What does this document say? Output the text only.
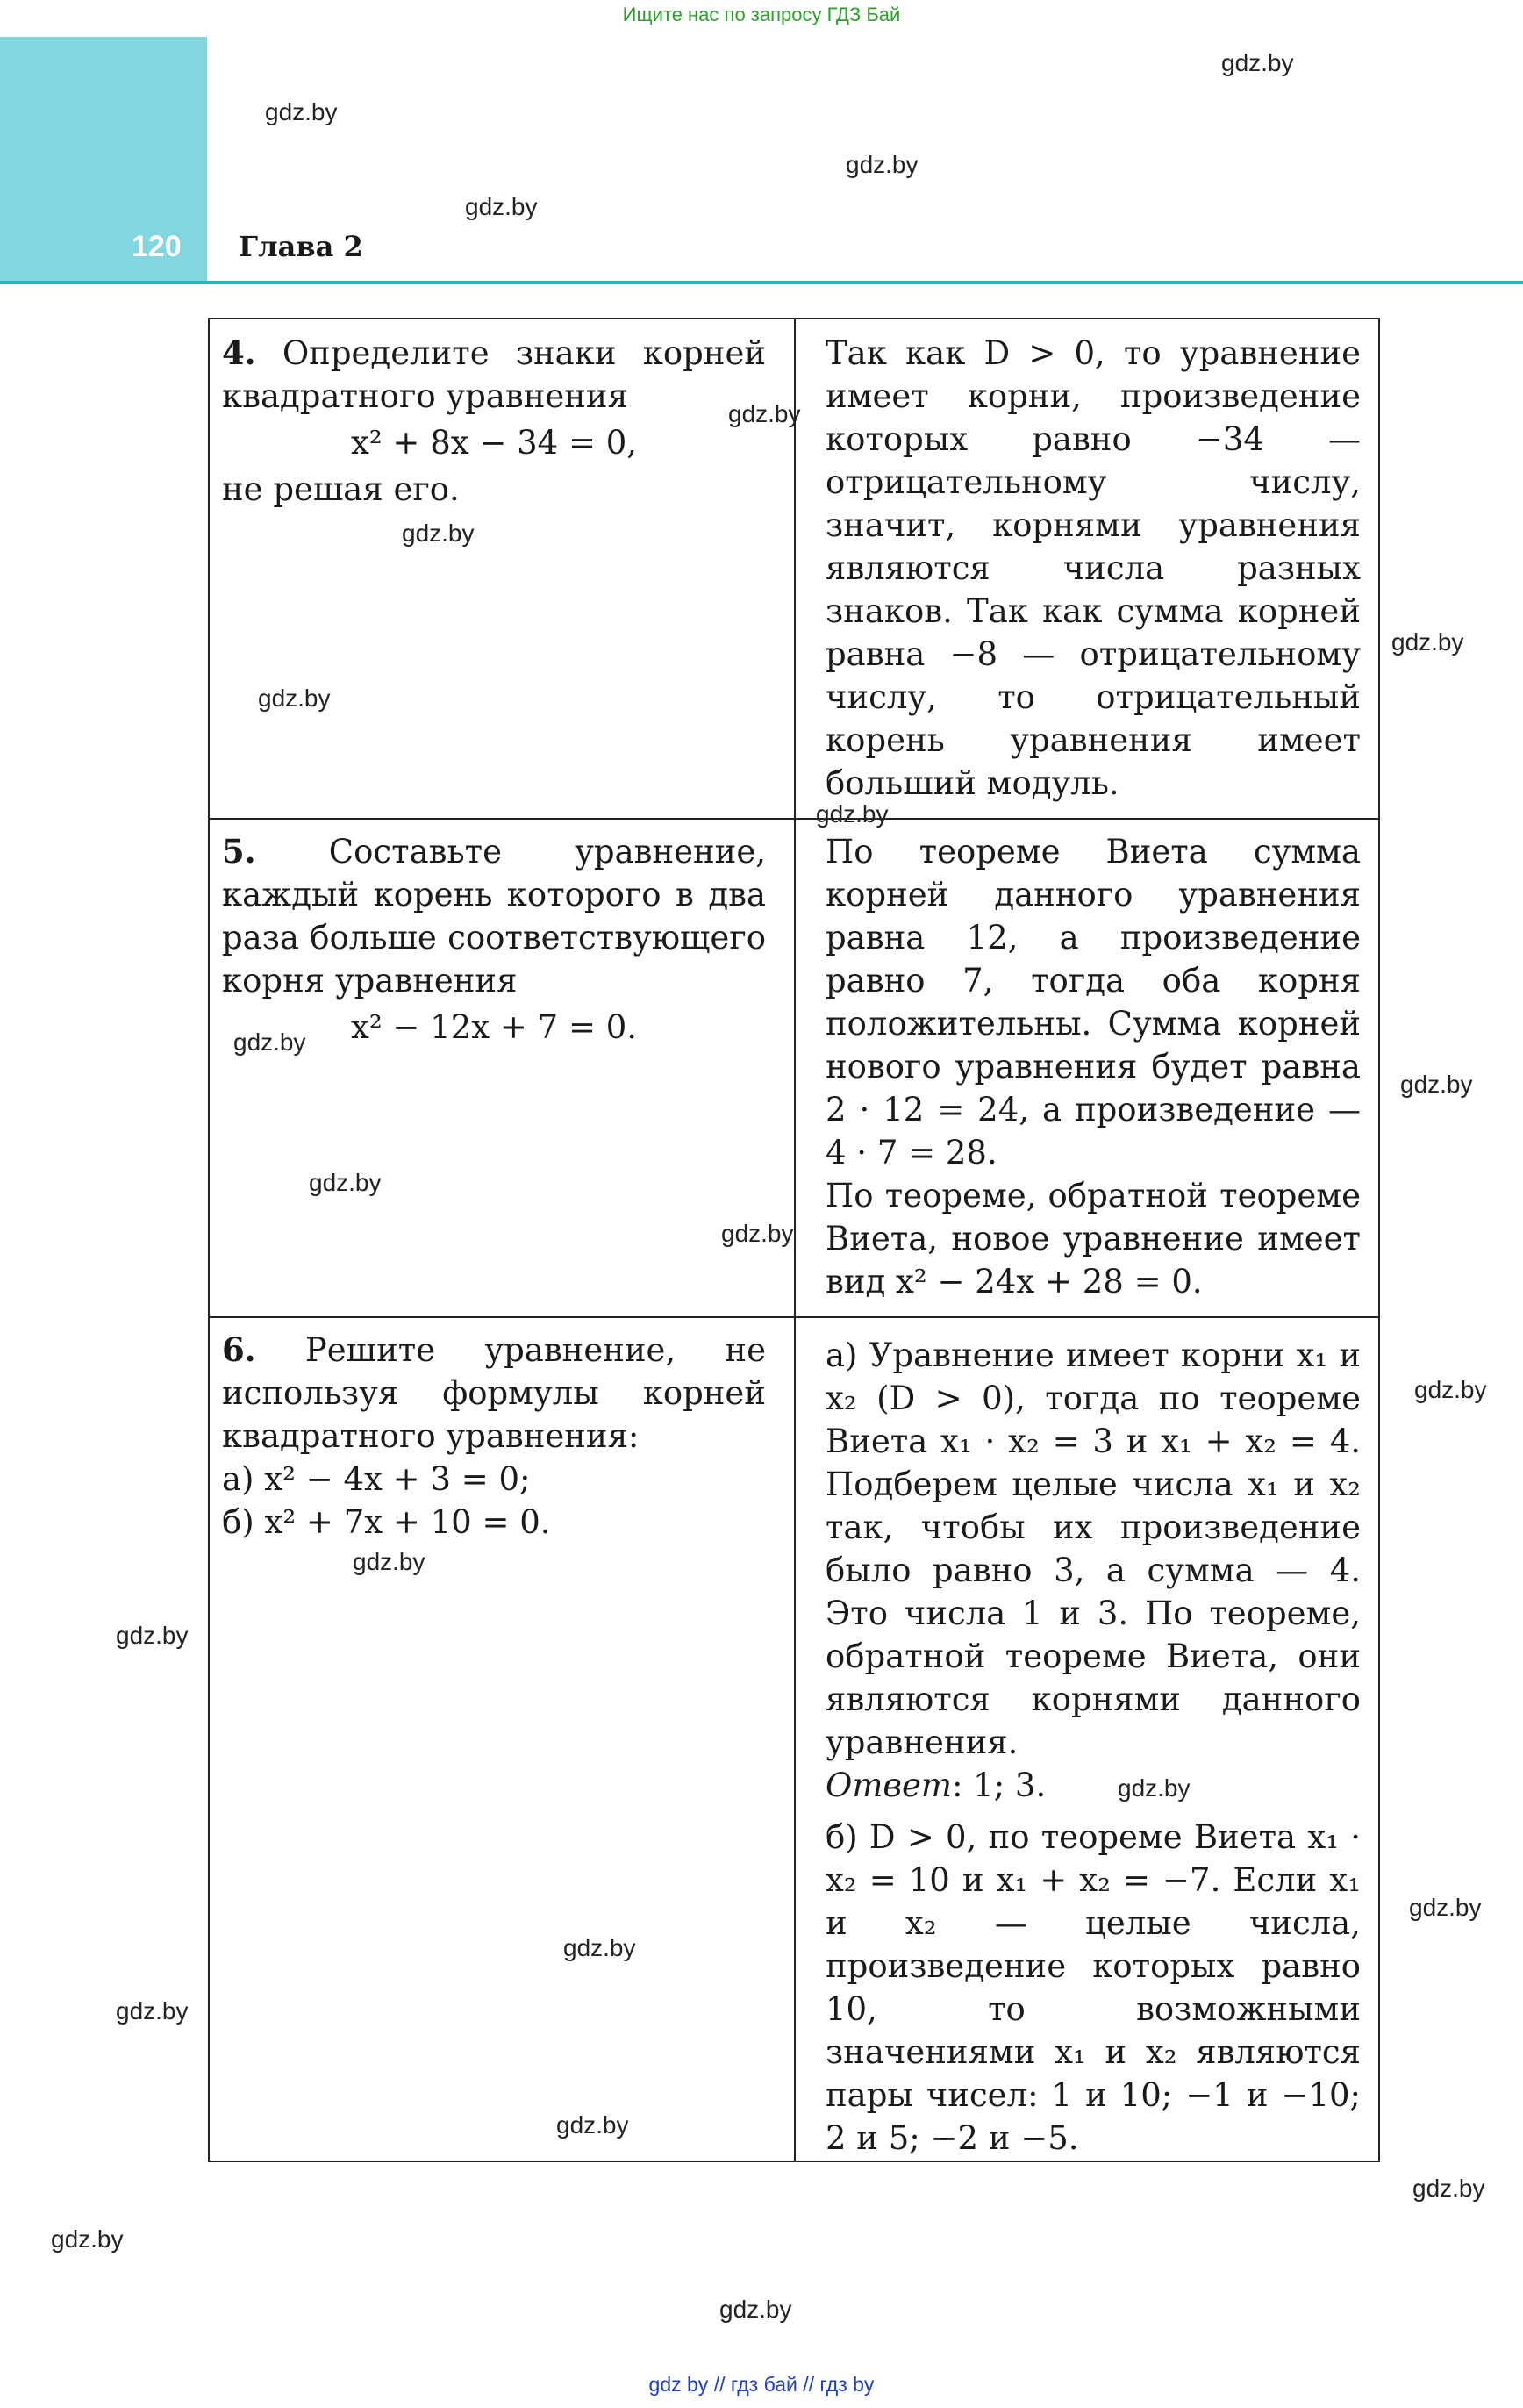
Ищите нас по запросу ГДЗ Бай
120 Глава 2
gdz.by
gdz.by
gdz.by
gdz.by

4. Определите знаки корней квадратного уравнения

x² + 8x − 34 = 0,

не решая его.

Так как D > 0, то уравнение имеет корни, произведение которых равно −34 — отрицательному числу, значит, корнями уравнения являются числа разных знаков. Так как сумма корней равна −8 — отрицательному числу, то отрицательный корень уравнения имеет больший модуль.

5. Составьте уравнение, каждый корень которого в два раза больше соответствующего корня уравнения

x² − 12x + 7 = 0.

По теореме Виета сумма корней данного уравнения равна 12, а произведение равно 7, тогда оба корня положительны. Сумма корней нового уравнения будет равна 2 · 12 = 24, а произведение — 4 · 7 = 28.

По теореме, обратной теореме Виета, новое уравнение имеет вид x² − 24x + 28 = 0.

6. Решите уравнение, не используя формулы корней квадратного уравнения:

а) x² − 4x + 3 = 0;

б) x² + 7x + 10 = 0.

а) Уравнение имеет корни x₁ и x₂ (D > 0), тогда по теореме Виета x₁ · x₂ = 3 и x₁ + x₂ = 4. Подберем целые числа x₁ и x₂ так, чтобы их произведение было равно 3, а сумма — 4. Это числа 1 и 3. По теореме, обратной теореме Виета, они являются корнями данного уравнения.

Ответ: 1; 3.

б) D > 0, по теореме Виета x₁ · x₂ = 10 и x₁ + x₂ = −7. Если x₁ и x₂ — целые числа, произведение которых равно 10, то возможными значениями x₁ и x₂ являются пары чисел: 1 и 10; −1 и −10; 2 и 5; −2 и −5.

gdz.by
gdz.by
gdz.by
gdz.by
gdz.by
gdz.by
gdz.by
gdz.by
gdz.by
gdz.by
gdz.by
gdz.by
gdz.by
gdz.by
gdz.by
gdz.by
gdz.by
gdz.by
gdz.by
gdz.by
gdz by // гдз бай // гдз by
